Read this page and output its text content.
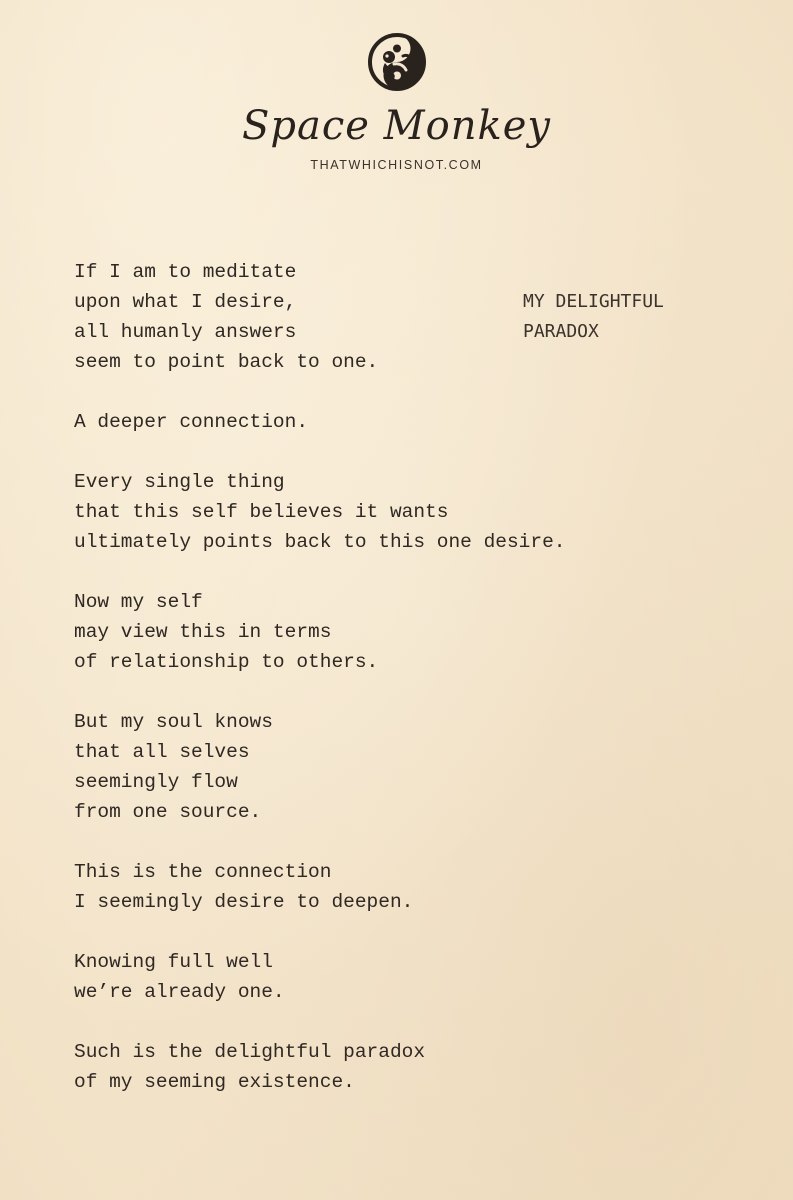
Space Monkey
THATWHICHISNOT.COM
MY DELIGHTFUL
PARADOX
If I am to meditate
upon what I desire,
all humanly answers
seem to point back to one.
A deeper connection.
Every single thing
that this self believes it wants
ultimately points back to this one desire.
Now my self
may view this in terms
of relationship to others.
But my soul knows
that all selves
seemingly flow
from one source.
This is the connection
I seemingly desire to deepen.
Knowing full well
we’re already one.
Such is the delightful paradox
of my seeming existence.
